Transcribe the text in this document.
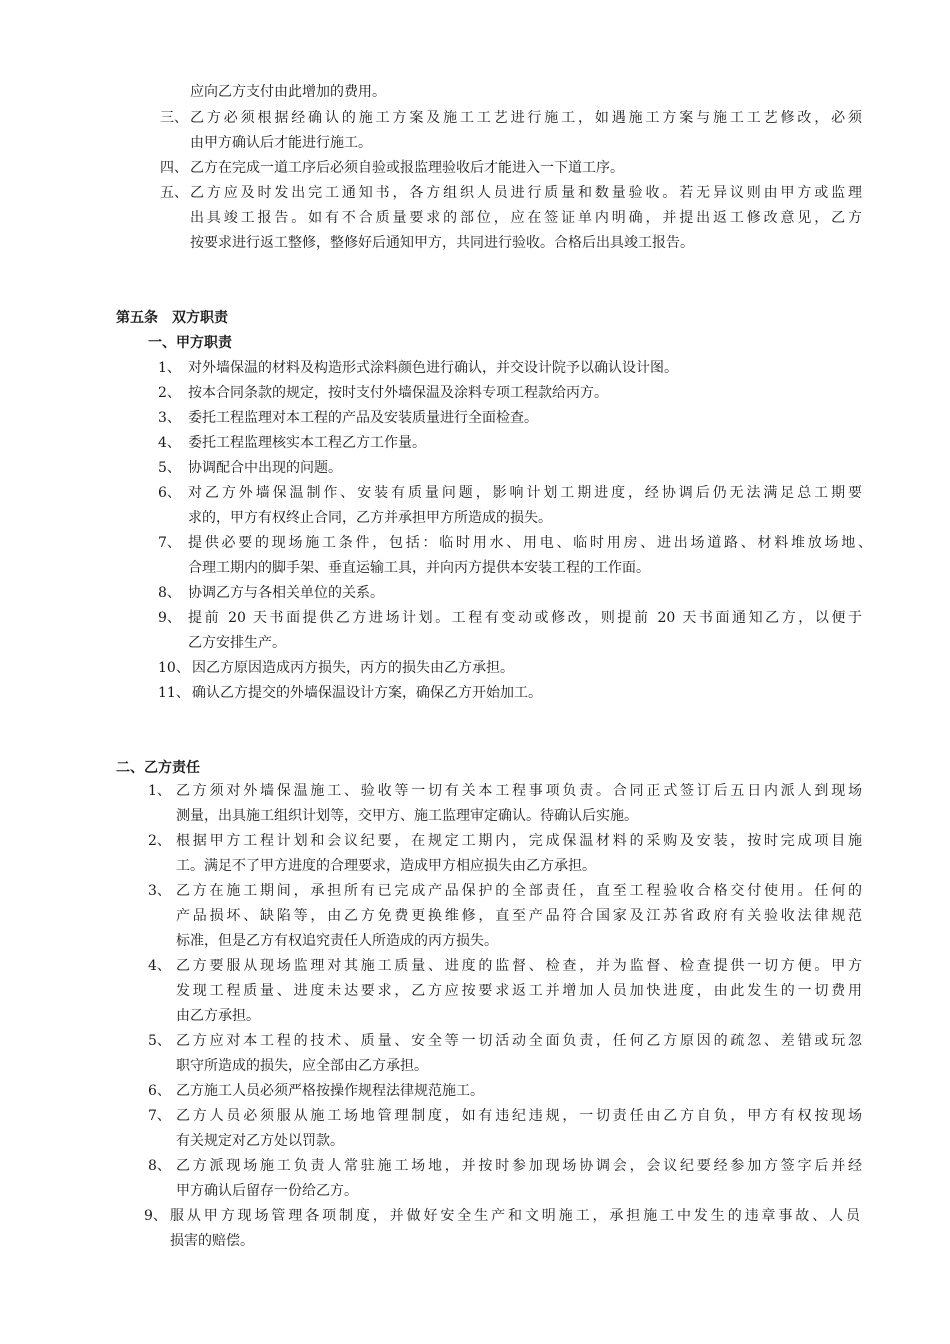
应向乙方支付由此增加的费用。
三、 乙方必须根据经确认的施工方案及施工工艺进行施工，如遇施工方案与施工工艺修改，必须
由甲方确认后才能进行施工。
四、 乙方在完成一道工序后必须自验或报监理验收后才能进入一下道工序。
五、 乙方应及时发出完工通知书，各方组织人员进行质量和数量验收。若无异议则由甲方或监理
出具竣工报告。如有不合质量要求的部位，应在签证单内明确，并提出返工修改意见，乙方
按要求进行返工整修，整修好后通知甲方，共同进行验收。合格后出具竣工报告。
第五条　双方职责
一、甲方职责
1、 对外墙保温的材料及构造形式涂料颜色进行确认，并交设计院予以确认设计图。
2、 按本合同条款的规定，按时支付外墙保温及涂料专项工程款给丙方。
3、 委托工程监理对本工程的产品及安装质量进行全面检查。
4、 委托工程监理核实本工程乙方工作量。
5、 协调配合中出现的问题。
6、 对乙方外墙保温制作、安装有质量问题，影响计划工期进度，经协调后仍无法满足总工期要
求的，甲方有权终止合同，乙方并承担甲方所造成的损失。
7、 提供必要的现场施工条件，包括：临时用水、用电、临时用房、进出场道路、材料堆放场地、
合理工期内的脚手架、垂直运输工具，并向丙方提供本安装工程的工作面。
8、 协调乙方与各相关单位的关系。
9、 提前 20 天书面提供乙方进场计划。工程有变动或修改，则提前 20 天书面通知乙方，以便于
乙方安排生产。
10、 因乙方原因造成丙方损失，丙方的损失由乙方承担。
11、 确认乙方提交的外墙保温设计方案，确保乙方开始加工。
二、乙方责任
1、 乙方须对外墙保温施工、验收等一切有关本工程事项负责。合同正式签订后五日内派人到现场
测量，出具施工组织计划等，交甲方、施工监理审定确认。待确认后实施。
2、 根据甲方工程计划和会议纪要，在规定工期内，完成保温材料的采购及安装，按时完成项目施
工。满足不了甲方进度的合理要求，造成甲方相应损失由乙方承担。
3、 乙方在施工期间，承担所有已完成产品保护的全部责任，直至工程验收合格交付使用。任何的
产品损坏、缺陷等，由乙方免费更换维修，直至产品符合国家及江苏省政府有关验收法律规范
标准，但是乙方有权追究责任人所造成的丙方损失。
4、 乙方要服从现场监理对其施工质量、进度的监督、检查，并为监督、检查提供一切方便。甲方
发现工程质量、进度未达要求，乙方应按要求返工并增加人员加快进度，由此发生的一切费用
由乙方承担。
5、 乙方应对本工程的技术、质量、安全等一切活动全面负责，任何乙方原因的疏忽、差错或玩忽
职守所造成的损失，应全部由乙方承担。
6、 乙方施工人员必须严格按操作规程法律规范施工。
7、 乙方人员必须服从施工场地管理制度，如有违纪违规，一切责任由乙方自负，甲方有权按现场
有关规定对乙方处以罚款。
8、 乙方派现场施工负责人常驻施工场地，并按时参加现场协调会，会议纪要经参加方签字后并经
甲方确认后留存一份给乙方。
9、 服从甲方现场管理各项制度，并做好安全生产和文明施工，承担施工中发生的违章事故、人员
损害的赔偿。
